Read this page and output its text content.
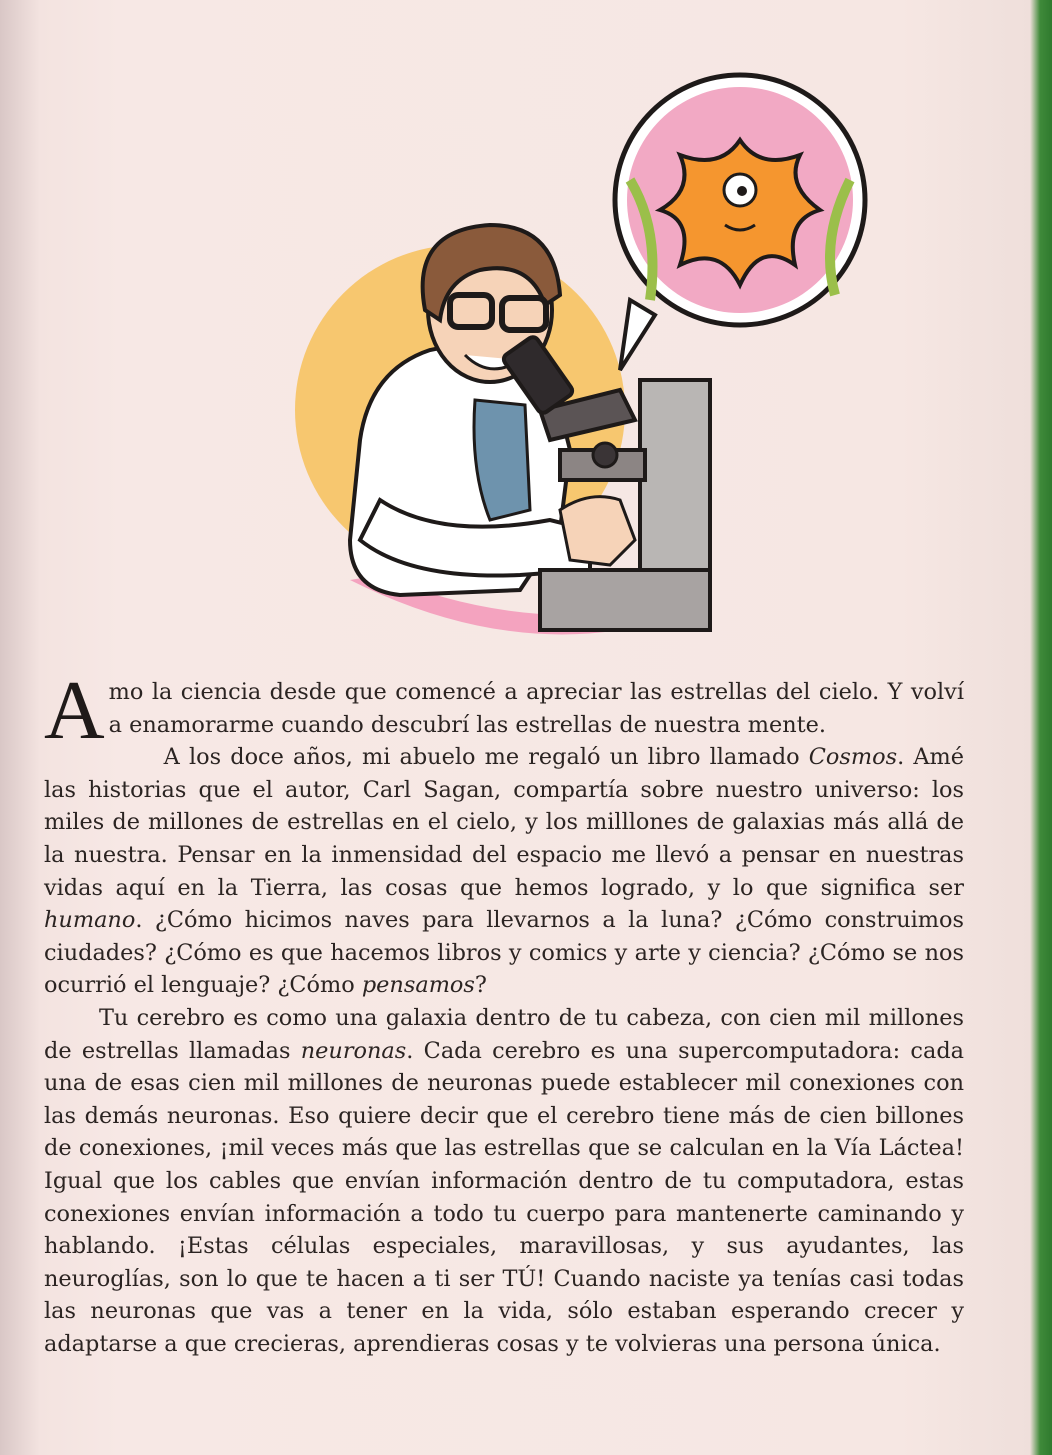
Amo la ciencia desde que comencé a apreciar las estrellas del cielo. Y volví a enamorarme cuando descubrí las estrellas de nuestra mente.

A los doce años, mi abuelo me regaló un libro llamado Cosmos. Amé las historias que el autor, Carl Sagan, compartía sobre nuestro universo: los miles de millones de estrellas en el cielo, y los milllones de galaxias más allá de la nuestra. Pensar en la inmensidad del espacio me llevó a pensar en nuestras vidas aquí en la Tierra, las cosas que hemos logrado, y lo que significa ser humano. ¿Cómo hicimos naves para llevarnos a la luna? ¿Cómo construimos ciudades? ¿Cómo es que hacemos libros y comics y arte y ciencia? ¿Cómo se nos ocurrió el lenguaje? ¿Cómo pensamos?

Tu cerebro es como una galaxia dentro de tu cabeza, con cien mil millones de estrellas llamadas neuronas. Cada cerebro es una supercomputadora: cada una de esas cien mil millones de neuronas puede establecer mil conexiones con las demás neuronas. Eso quiere decir que el cerebro tiene más de cien billones de conexiones, ¡mil veces más que las estrellas que se calculan en la Vía Láctea! Igual que los cables que envían información dentro de tu computadora, estas conexiones envían información a todo tu cuerpo para mantenerte caminando y hablando. ¡Estas células especiales, maravillosas, y sus ayudantes, las neuroglías, son lo que te hacen a ti ser TÚ! Cuando naciste ya tenías casi todas las neuronas que vas a tener en la vida, sólo estaban esperando crecer y adaptarse a que crecieras, aprendieras cosas y te volvieras una persona única.
